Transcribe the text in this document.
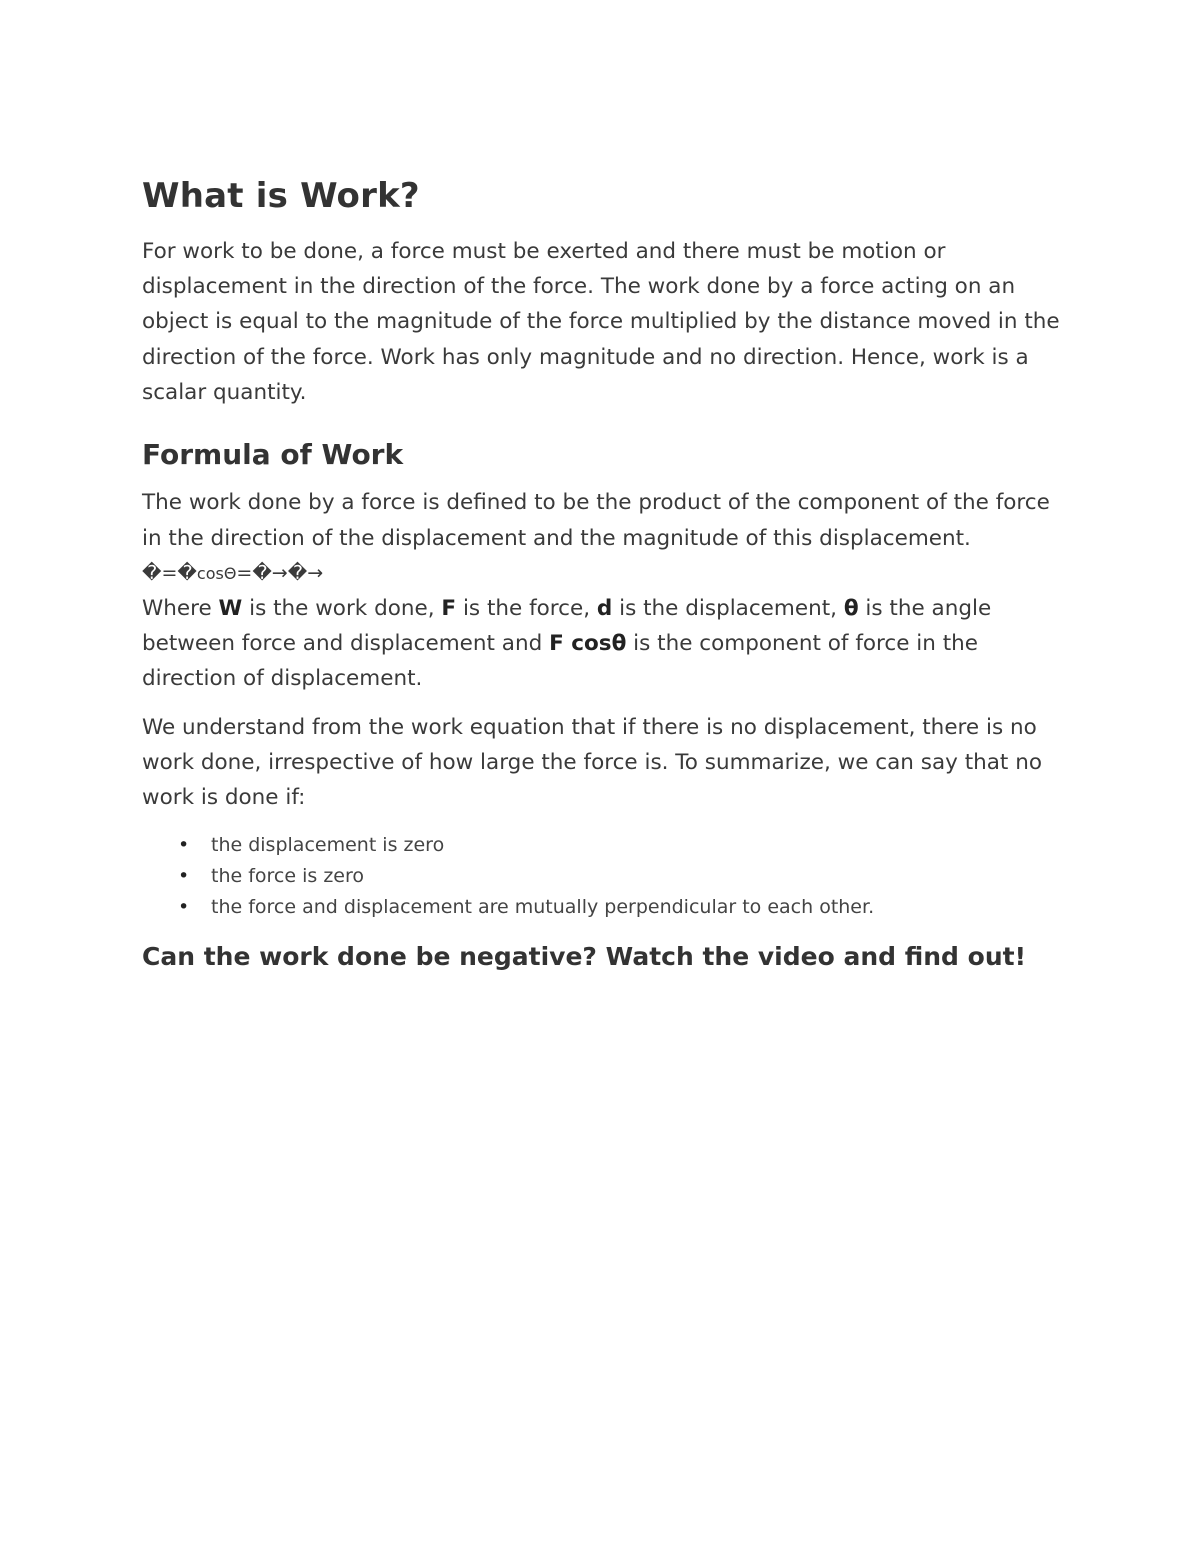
What is Work?

For work to be done, a force must be exerted and there must be motion or displacement in the direction of the force. The work done by a force acting on an object is equal to the magnitude of the force multiplied by the distance moved in the direction of the force. Work has only magnitude and no direction. Hence, work is a scalar quantity.

Formula of Work

The work done by a force is defined to be the product of the component of the force in the direction of the displacement and the magnitude of this displacement.

�=�cosΘ=�→�→

Where W is the work done, F is the force, d is the displacement, θ is the angle between force and displacement and F cosθ is the component of force in the direction of displacement.

We understand from the work equation that if there is no displacement, there is no work done, irrespective of how large the force is. To summarize, we can say that no work is done if:

• the displacement is zero
• the force is zero
• the force and displacement are mutually perpendicular to each other.
Can the work done be negative? Watch the video and find out!
